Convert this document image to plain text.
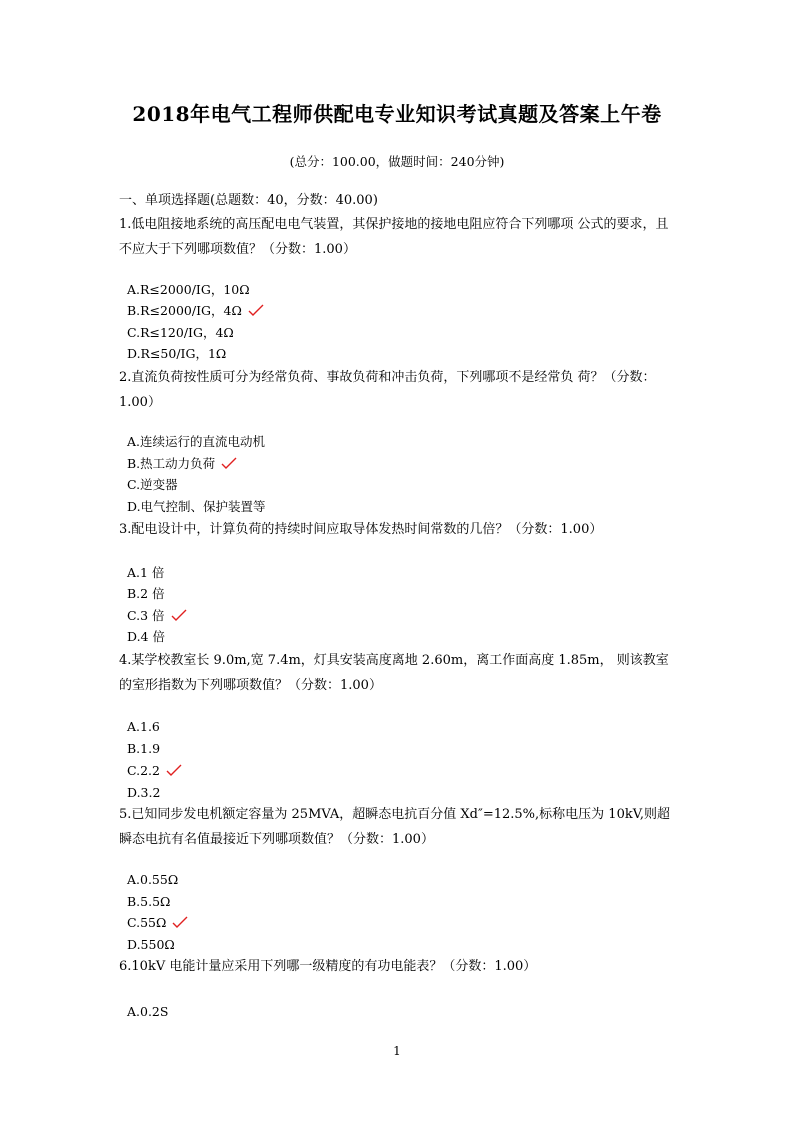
2018年电气工程师供配电专业知识考试真题及答案上午卷
(总分：100.00，做题时间：240分钟)
一、单项选择题(总题数：40，分数：40.00)
1.低电阻接地系统的高压配电电气装置，其保护接地的接地电阻应符合下列哪项 公式的要求，且不应大于下列哪项数值？（分数：1.00）
A.R≤2000/IG，10Ω
B.R≤2000/IG，4Ω
C.R≤120/IG，4Ω
D.R≤50/IG，1Ω
2.直流负荷按性质可分为经常负荷、事故负荷和冲击负荷，下列哪项不是经常负 荷？（分数：1.00）
A.连续运行的直流电动机
B.热工动力负荷
C.逆变器
D.电气控制、保护装置等
3.配电设计中，计算负荷的持续时间应取导体发热时间常数的几倍？（分数：1.00）
A.1 倍
B.2 倍
C.3 倍
D.4 倍
4.某学校教室长 9.0m,宽 7.4m，灯具安装高度离地 2.60m，离工作面高度 1.85m， 则该教室的室形指数为下列哪项数值？（分数：1.00）
A.1.6
B.1.9
C.2.2
D.3.2
5.已知同步发电机额定容量为 25MVA，超瞬态电抗百分值 Xd″=12.5%,标称电压为 10kV,则超瞬态电抗有名值最接近下列哪项数值？（分数：1.00）
A.0.55Ω
B.5.5Ω
C.55Ω
D.550Ω
6.10kV 电能计量应采用下列哪一级精度的有功电能表？（分数：1.00）
A.0.2S
1
